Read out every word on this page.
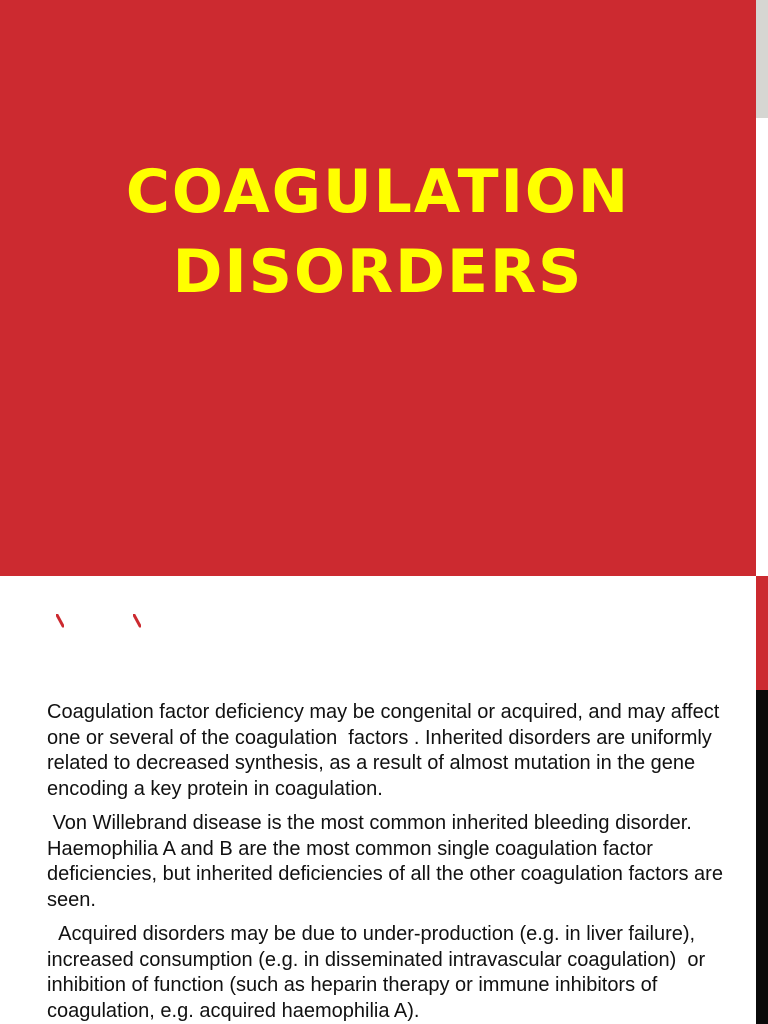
COAGULATION
DISORDERS

Coagulation factor deficiency may be congenital or acquired, and may affect one or several of the coagulation  factors . Inherited disorders are uniformly related to decreased synthesis, as a result of almost mutation in the gene encoding a key protein in coagulation.

Von Willebrand disease is the most common inherited bleeding disorder. Haemophilia A and B are the most common single coagulation factor deficiencies, but inherited deficiencies of all the other coagulation factors are seen.

Acquired disorders may be due to under-production (e.g. in liver failure), increased consumption (e.g. in disseminated intravascular coagulation)  or inhibition of function (such as heparin therapy or immune inhibitors of coagulation, e.g. acquired haemophilia A).
